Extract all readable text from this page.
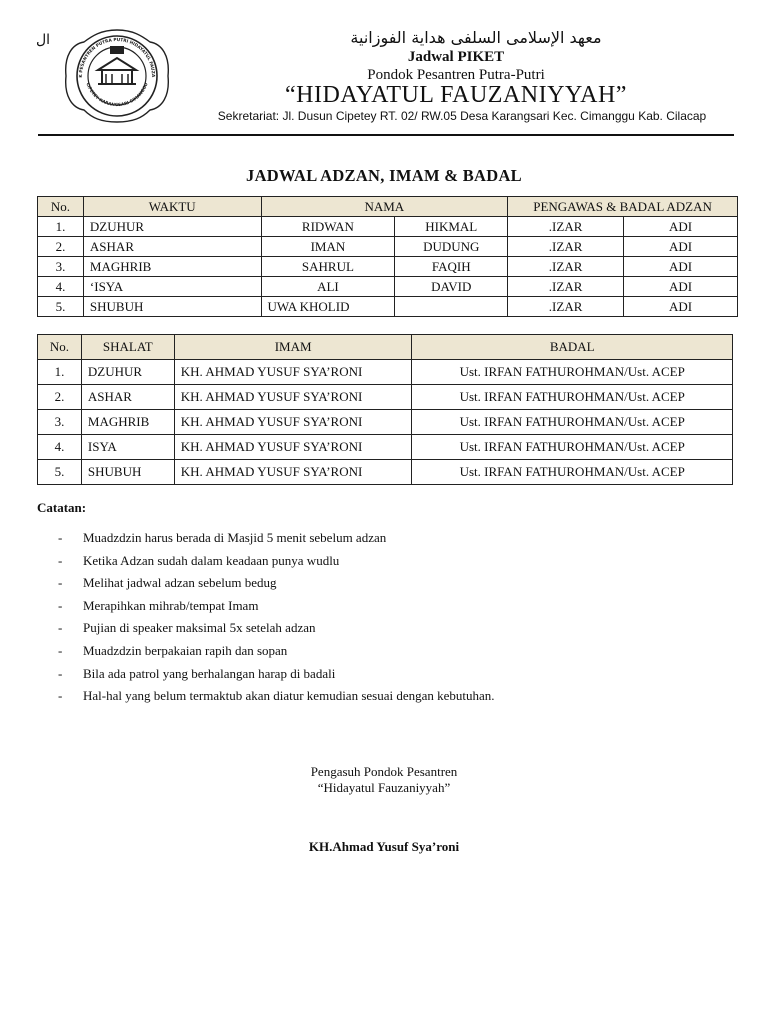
ال
K PESANTREN PUTRA PUTRI HIDAYATUL FAUZA
CIPETEY KARANGSARI CIMANGGU
معهد الإسلامى السلفى هداية الفوزانية
Jadwal PIKET
Pondok Pesantren Putra-Putri
“HIDAYATUL FAUZANIYYAH”
Sekretariat: Jl. Dusun Cipetey RT. 02/ RW.05 Desa Karangsari Kec. Cimanggu Kab. Cilacap
JADWAL ADZAN, IMAM & BADAL
No.	WAKTU	NAMA		PENGAWAS & BADAL ADZAN	
1.	DZUHUR	RIDWAN	HIKMAL	.IZAR	ADI
2.	ASHAR	IMAN	DUDUNG	.IZAR	ADI
3.	MAGHRIB	SAHRUL	FAQIH	.IZAR	ADI
4.	‘ISYA	ALI	DAVID	.IZAR	ADI
5.	SHUBUH	UWA KHOLID		.IZAR	ADI
No.	SHALAT	IMAM	BADAL
1.	DZUHUR	KH. AHMAD YUSUF SYA’RONI	Ust. IRFAN FATHUROHMAN/Ust. ACEP
2.	ASHAR	KH. AHMAD YUSUF SYA’RONI	Ust. IRFAN FATHUROHMAN/Ust. ACEP
3.	MAGHRIB	KH. AHMAD YUSUF SYA’RONI	Ust. IRFAN FATHUROHMAN/Ust. ACEP
4.	ISYA	KH. AHMAD YUSUF SYA’RONI	Ust. IRFAN FATHUROHMAN/Ust. ACEP
5.	SHUBUH	KH. AHMAD YUSUF SYA’RONI	Ust. IRFAN FATHUROHMAN/Ust. ACEP
Catatan:
- Muadzdzin harus berada di Masjid 5 menit sebelum adzan
- Ketika Adzan sudah dalam keadaan punya wudlu
- Melihat jadwal adzan sebelum bedug
- Merapihkan mihrab/tempat Imam
- Pujian di speaker maksimal 5x setelah adzan
- Muadzdzin berpakaian rapih dan sopan
- Bila ada patrol yang berhalangan harap di badali
- Hal-hal yang belum termaktub akan diatur kemudian sesuai dengan kebutuhan.
Pengasuh Pondok Pesantren
“Hidayatul Fauzaniyyah”
KH.Ahmad Yusuf Sya’roni
